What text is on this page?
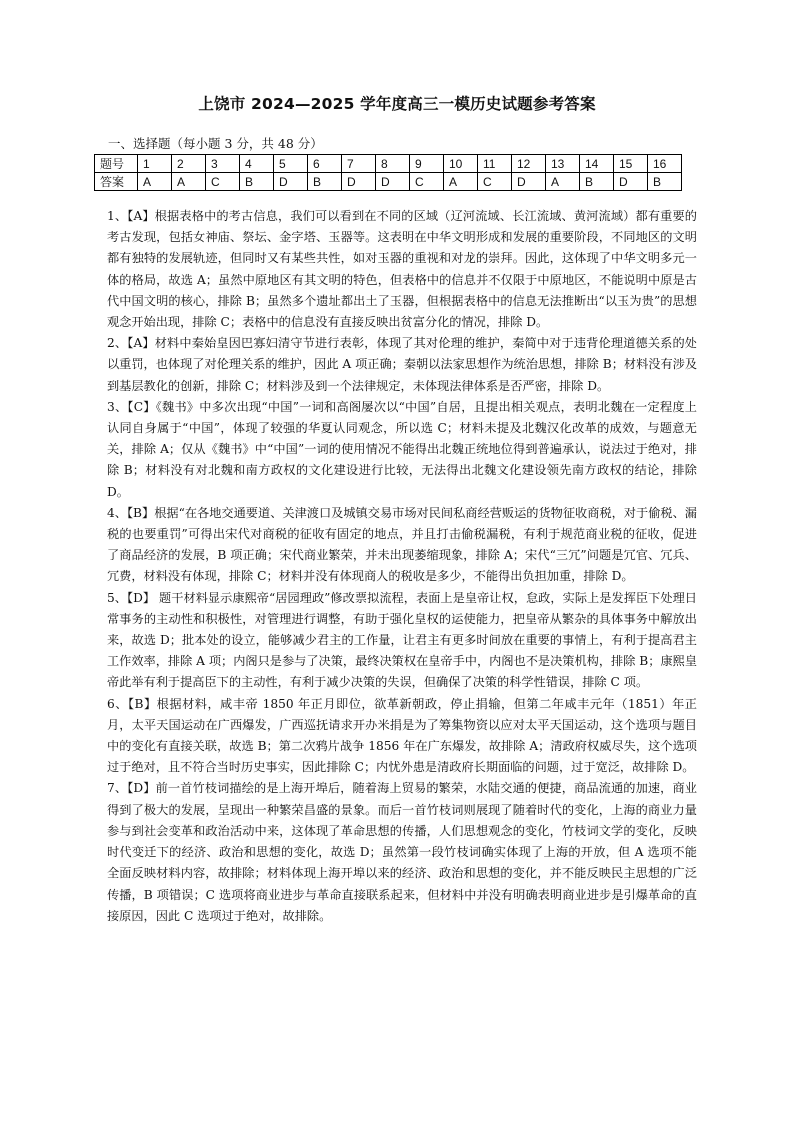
上饶市 2024—2025 学年度高三一模历史试题参考答案
一、选择题（每小题 3 分，共 48 分）
题号	1	2	3	4	5	6	7	8	9	10	11	12	13	14	15	16
答案	A	A	C	B	D	B	D	D	C	A	C	D	A	B	D	B

1、【A】根据表格中的考古信息，我们可以看到在不同的区域（辽河流域、长江流域、黄河流域）都有重要的考古发现，包括女神庙、祭坛、金字塔、玉器等。这表明在中华文明形成和发展的重要阶段，不同地区的文明都有独特的发展轨迹，但同时又有某些共性，如对玉器的重视和对龙的崇拜。因此，这体现了中华文明多元一体的格局，故选 A；虽然中原地区有其文明的特色，但表格中的信息并不仅限于中原地区，不能说明中原是古代中国文明的核心，排除 B；虽然多个遗址都出土了玉器，但根据表格中的信息无法推断出“以玉为贵”的思想观念开始出现，排除 C；表格中的信息没有直接反映出贫富分化的情况，排除 D。

2、【A】材料中秦始皇因巴寡妇清守节进行表彰，体现了其对伦理的维护，秦简中对于违背伦理道德关系的处以重罚，也体现了对伦理关系的维护，因此 A 项正确；秦朝以法家思想作为统治思想，排除 B；材料没有涉及到基层教化的创新，排除 C；材料涉及到一个法律规定，未体现法律体系是否严密，排除 D。

3、【C】《魏书》中多次出现“中国”一词和高阁屡次以“中国”自居，且提出相关观点，表明北魏在一定程度上认同自身属于“中国”，体现了较强的华夏认同观念，所以选 C；材料未提及北魏汉化改革的成效，与题意无关，排除 A；仅从《魏书》中“中国”一词的使用情况不能得出北魏正统地位得到普遍承认，说法过于绝对，排除 B；材料没有对北魏和南方政权的文化建设进行比较，无法得出北魏文化建设领先南方政权的结论，排除 D。

4、【B】根据“在各地交通要道、关津渡口及城镇交易市场对民间私商经营贩运的货物征收商税，对于偷税、漏税的也要重罚”可得出宋代对商税的征收有固定的地点，并且打击偷税漏税，有利于规范商业税的征收，促进了商品经济的发展，B 项正确；宋代商业繁荣，并未出现萎缩现象，排除 A；宋代“三冗”问题是冗官、冗兵、冗费，材料没有体现，排除 C；材料并没有体现商人的税收是多少，不能得出负担加重，排除 D。

5、【D】 题干材料显示康熙帝“居园理政”修改票拟流程，表面上是皇帝让权，怠政，实际上是发挥臣下处理日常事务的主动性和积极性，对管理进行调整，有助于强化皇权的运使能力，把皇帝从繁杂的具体事务中解放出来，故选 D；批本处的设立，能够减少君主的工作量，让君主有更多时间放在重要的事情上，有利于提高君主工作效率，排除 A 项；内阁只是参与了决策，最终决策权在皇帝手中，内阁也不是决策机构，排除 B；康熙皇帝此举有利于提高臣下的主动性，有利于减少决策的失误，但确保了决策的科学性错误，排除 C 项。

6、【B】根据材料，咸丰帝 1850 年正月即位，欲革新朝政，停止捐输，但第二年咸丰元年（1851）年正月，太平天国运动在广西爆发，广西巡抚请求开办米捐是为了筹集物资以应对太平天国运动，这个选项与题目中的变化有直接关联，故选 B；第二次鸦片战争 1856 年在广东爆发，故排除 A；清政府权威尽失，这个选项过于绝对，且不符合当时历史事实，因此排除 C；内忧外患是清政府长期面临的问题，过于宽泛，故排除 D。

7、【D】前一首竹枝词描绘的是上海开埠后，随着海上贸易的繁荣，水陆交通的便捷，商品流通的加速，商业得到了极大的发展，呈现出一种繁荣昌盛的景象。而后一首竹枝词则展现了随着时代的变化，上海的商业力量参与到社会变革和政治活动中来，这体现了革命思想的传播，人们思想观念的变化，竹枝词文学的变化，反映时代变迁下的经济、政治和思想的变化，故选 D；虽然第一段竹枝词确实体现了上海的开放，但 A 选项不能全面反映材料内容，故排除；材料体现上海开埠以来的经济、政治和思想的变化，并不能反映民主思想的广泛传播，B 项错误；C 选项将商业进步与革命直接联系起来，但材料中并没有明确表明商业进步是引爆革命的直接原因，因此 C 选项过于绝对，故排除。
